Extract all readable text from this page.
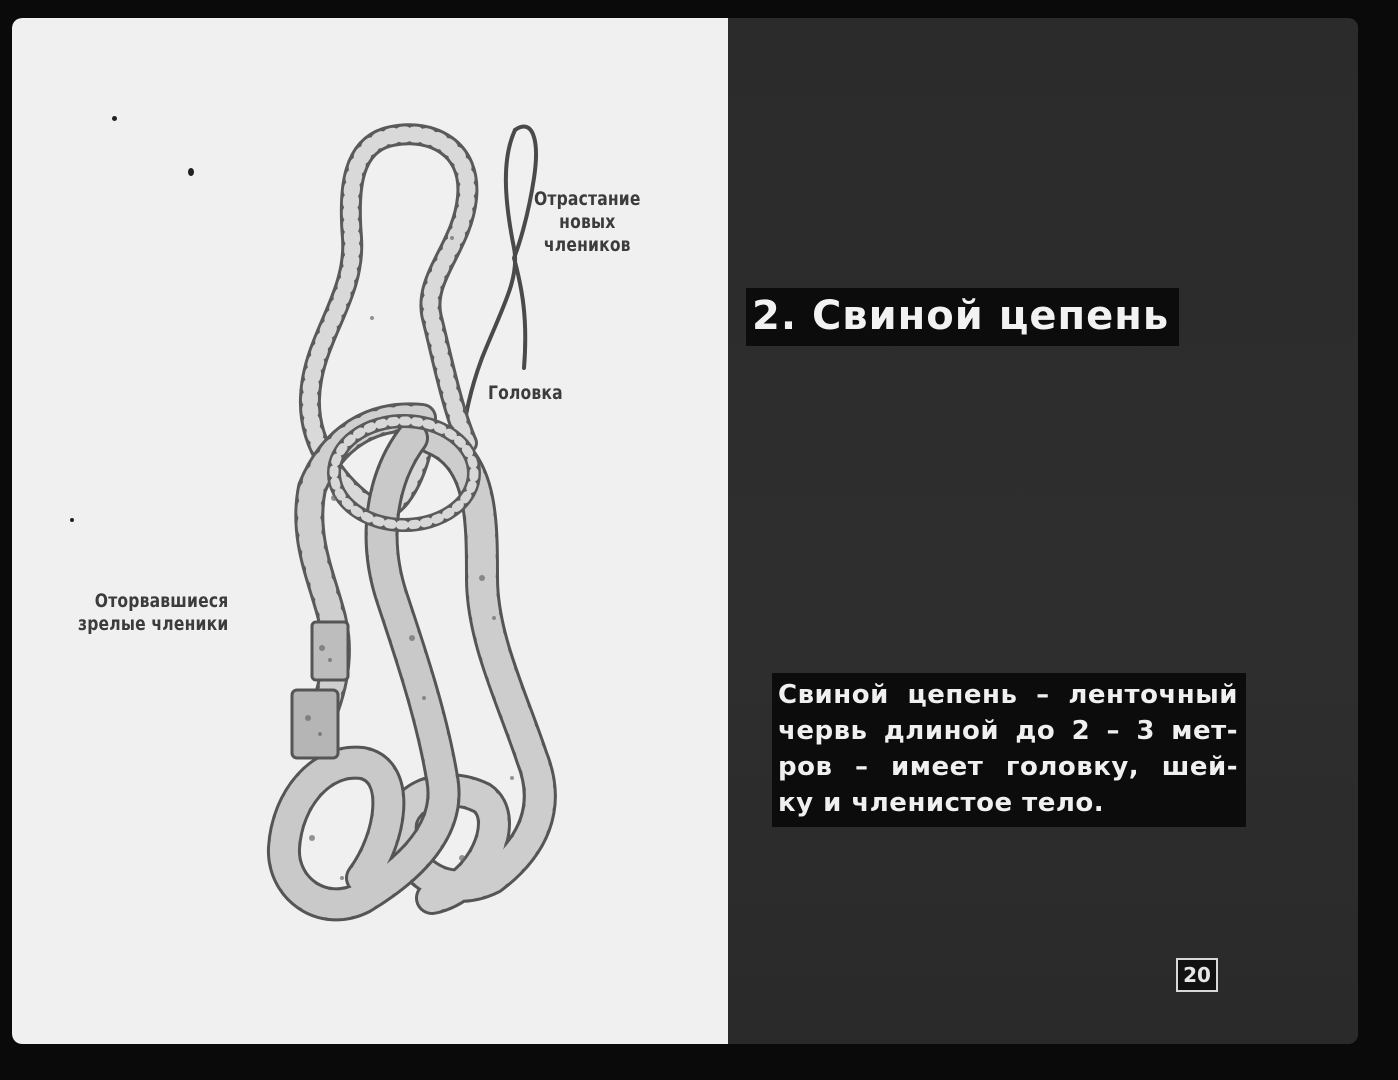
Отрастание
новых
члеников
Головка
Оторвавшиеся
зрелые членики
2. Свиной цепень
Свиной цепень – ленточный
червь длиной до 2 – 3 мет-
ров – имеет головку, шей-
ку и членистое тело.
20
